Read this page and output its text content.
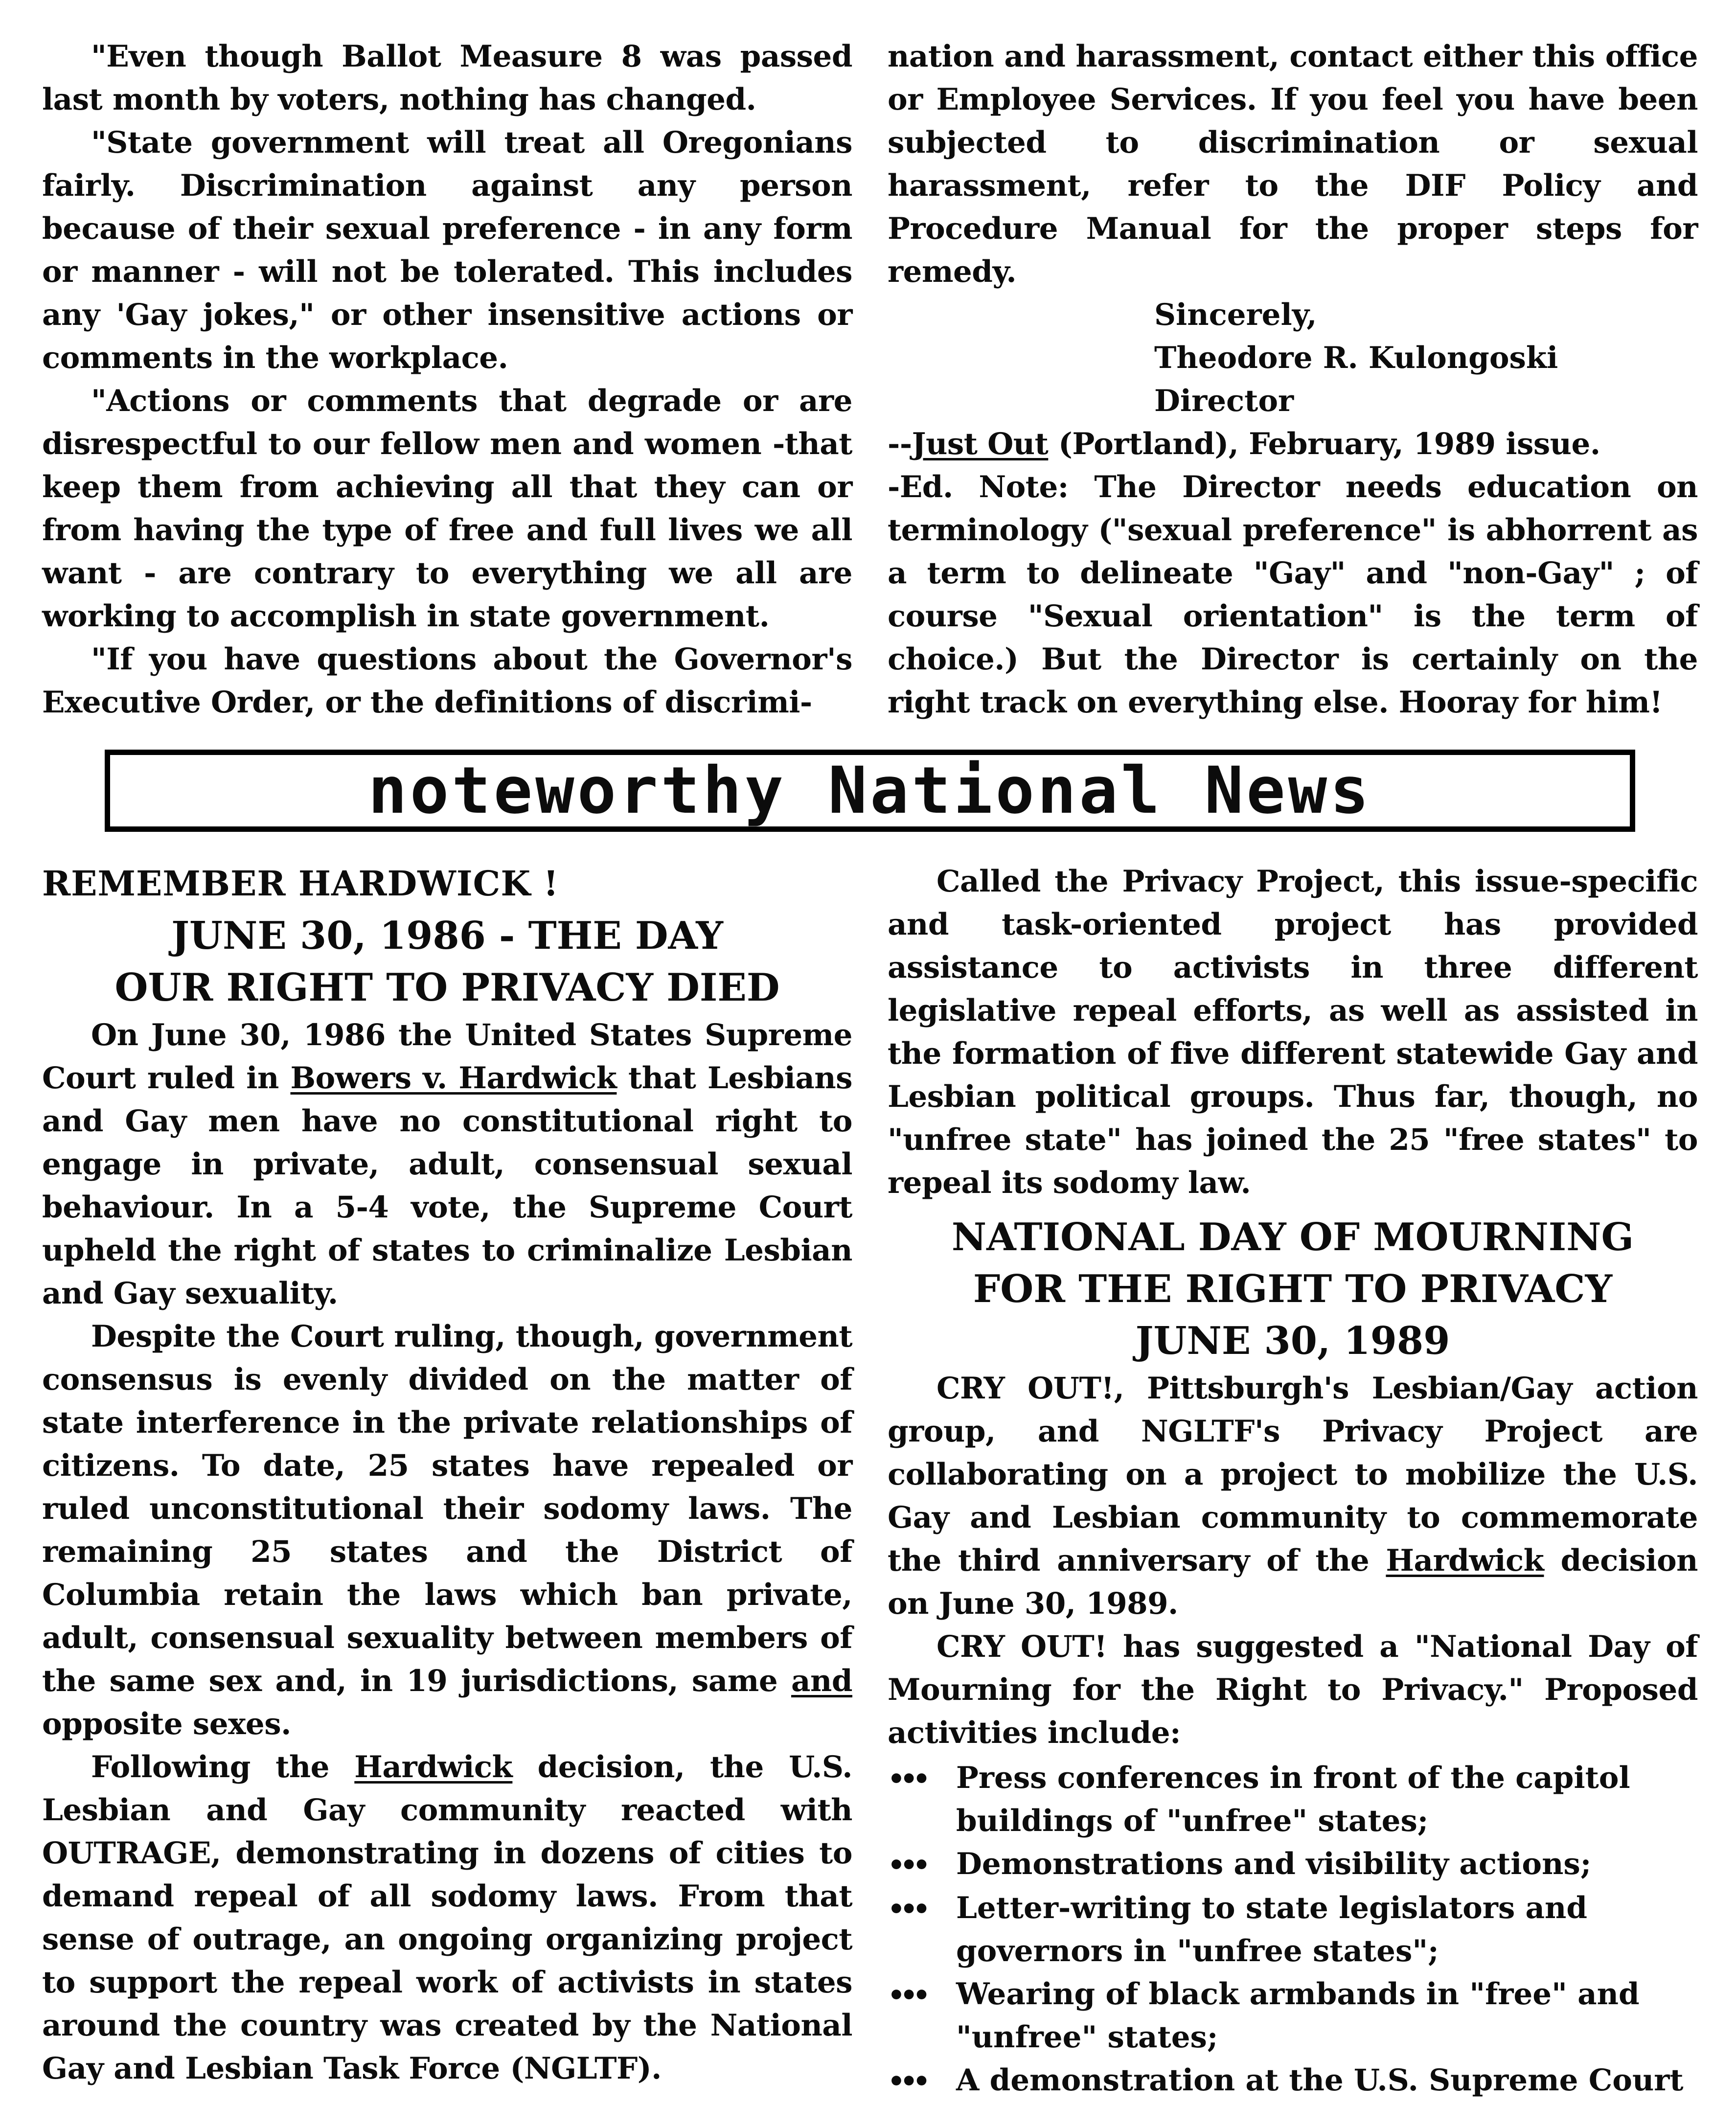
"Even though Ballot Measure 8 was passed last month by voters, nothing has changed.

"State government will treat all Oregonians fairly. Discrimination against any person because of their sexual preference - in any form or manner - will not be tolerated. This includes any 'Gay jokes," or other insensitive actions or comments in the workplace.

"Actions or comments that degrade or are disrespectful to our fellow men and women -that keep them from achieving all that they can or from having the type of free and full lives we all want - are contrary to everything we all are working to accomplish in state government.

"If you have questions about the Governor's Executive Order, or the definitions of discrimi-

nation and harassment, contact either this office or Employee Services. If you feel you have been subjected to discrimination or sexual harassment, refer to the DIF Policy and Procedure Manual for the proper steps for remedy.

Sincerely,
Theodore R. Kulongoski
Director

--Just Out (Portland), February, 1989 issue.

-Ed. Note: The Director needs education on terminology ("sexual preference" is abhorrent as a term to delineate "Gay" and "non-Gay" ; of course "Sexual orientation" is the term of choice.) But the Director is certainly on the right track on everything else. Hooray for him!

noteworthy National News
REMEMBER HARDWICK !
JUNE 30, 1986 - THE DAY
OUR RIGHT TO PRIVACY DIED

On June 30, 1986 the United States Supreme Court ruled in Bowers v. Hardwick that Lesbians and Gay men have no constitutional right to engage in private, adult, consensual sexual behaviour. In a 5-4 vote, the Supreme Court upheld the right of states to criminalize Lesbian and Gay sexuality.

Despite the Court ruling, though, government consensus is evenly divided on the matter of state interference in the private relationships of citizens. To date, 25 states have repealed or ruled unconstitutional their sodomy laws. The remaining 25 states and the District of Columbia retain the laws which ban private, adult, consensual sexuality between members of the same sex and, in 19 jurisdictions, same and opposite sexes.

Following the Hardwick decision, the U.S. Lesbian and Gay community reacted with OUTRAGE, demonstrating in dozens of cities to demand repeal of all sodomy laws. From that sense of outrage, an ongoing organizing project to support the repeal work of activists in states around the country was created by the National Gay and Lesbian Task Force (NGLTF).

Called the Privacy Project, this issue-specific and task-oriented project has provided assistance to activists in three different legislative repeal efforts, as well as assisted in the formation of five different statewide Gay and Lesbian political groups. Thus far, though, no "unfree state" has joined the 25 "free states" to repeal its sodomy law.

NATIONAL DAY OF MOURNING
FOR THE RIGHT TO PRIVACY
JUNE 30, 1989

CRY OUT!, Pittsburgh's Lesbian/Gay action group, and NGLTF's Privacy Project are collaborating on a project to mobilize the U.S. Gay and Lesbian community to commemorate the third anniversary of the Hardwick decision on June 30, 1989.

CRY OUT! has suggested a "National Day of Mourning for the Right to Privacy." Proposed activities include:

•••	Press conferences in front of the capitol buildings of "unfree" states;
•••	Demonstrations and visibility actions;
•••	Letter-writing to state legislators and governors in "unfree states";
•••	Wearing of black armbands in "free" and "unfree" states;
•••	A demonstration at the U.S. Supreme Court
